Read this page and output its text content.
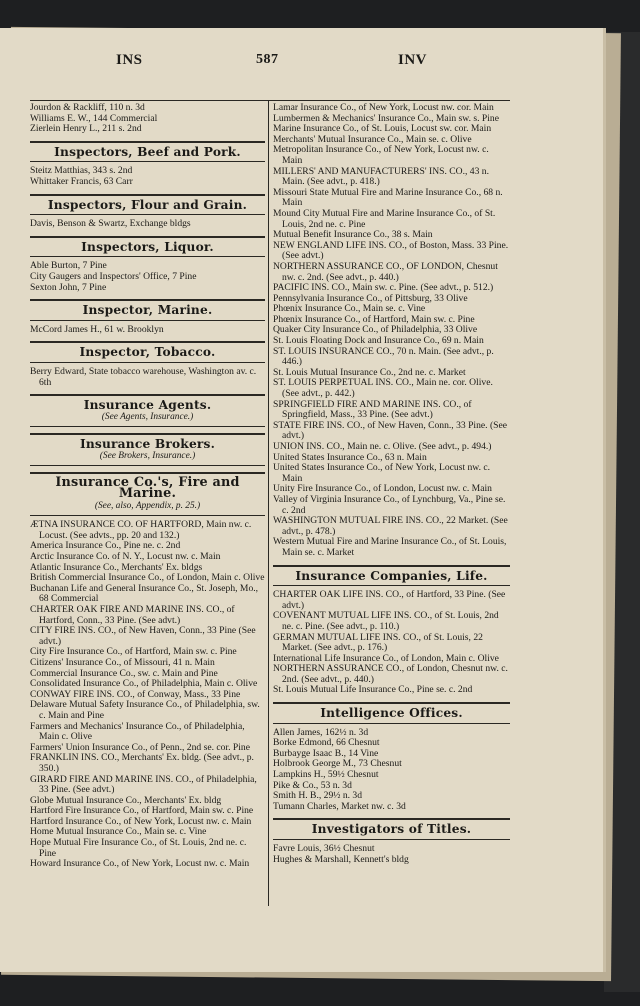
INS	587	INV

Jourdon & Rackliff, 110 n. 3d

Williams E. W., 144 Commercial

Zierlein Henry L., 211 s. 2nd

Inspectors, Beef and Pork.

Steitz Matthias, 343 s. 2nd

Whittaker Francis, 63 Carr

Inspectors, Flour and Grain.

Davis, Benson & Swartz, Exchange bldgs

Inspectors, Liquor.

Able Burton, 7 Pine

City Gaugers and Inspectors' Office, 7 Pine

Sexton John, 7 Pine

Inspector, Marine.

McCord James H., 61 w. Brooklyn

Inspector, Tobacco.

Berry Edward, State tobacco warehouse, Washington av. c. 6th

Insurance Agents.
(See Agents, Insurance.)
Insurance Brokers.
(See Brokers, Insurance.)
Insurance Co.'s, Fire and Marine.
(See, also, Appendix, p. 25.)

ÆTNA INSURANCE CO. OF HARTFORD, Main nw. c. Locust. (See advts., pp. 20 and 132.)

America Insurance Co., Pine ne. c. 2nd

Arctic Insurance Co. of N. Y., Locust nw. c. Main

Atlantic Insurance Co., Merchants' Ex. bldgs

British Commercial Insurance Co., of London, Main c. Olive

Buchanan Life and General Insurance Co., St. Joseph, Mo., 68 Commercial

CHARTER OAK FIRE AND MARINE INS. CO., of Hartford, Conn., 33 Pine. (See advt.)

CITY FIRE INS. CO., of New Haven, Conn., 33 Pine (See advt.)

City Fire Insurance Co., of Hartford, Main sw. c. Pine

Citizens' Insurance Co., of Missouri, 41 n. Main

Commercial Insurance Co., sw. c. Main and Pine

Consolidated Insurance Co., of Philadelphia, Main c. Olive

CONWAY FIRE INS. CO., of Conway, Mass., 33 Pine

Delaware Mutual Safety Insurance Co., of Philadelphia, sw. c. Main and Pine

Farmers and Mechanics' Insurance Co., of Philadelphia, Main c. Olive

Farmers' Union Insurance Co., of Penn., 2nd se. cor. Pine

FRANKLIN INS. CO., Merchants' Ex. bldg. (See advt., p. 350.)

GIRARD FIRE AND MARINE INS. CO., of Philadelphia, 33 Pine. (See advt.)

Globe Mutual Insurance Co., Merchants' Ex. bldg

Hartford Fire Insurance Co., of Hartford, Main sw. c. Pine

Hartford Insurance Co., of New York, Locust nw. c. Main

Home Mutual Insurance Co., Main se. c. Vine

Hope Mutual Fire Insurance Co., of St. Louis, 2nd ne. c. Pine

Howard Insurance Co., of New York, Locust nw. c. Main

Lamar Insurance Co., of New York, Locust nw. cor. Main

Lumbermen & Mechanics' Insurance Co., Main sw. s. Pine

Marine Insurance Co., of St. Louis, Locust sw. cor. Main

Merchants' Mutual Insurance Co., Main se. c. Olive

Metropolitan Insurance Co., of New York, Locust nw. c. Main

MILLERS' AND MANUFACTURERS' INS. CO., 43 n. Main. (See advt., p. 418.)

Missouri State Mutual Fire and Marine Insurance Co., 68 n. Main

Mound City Mutual Fire and Marine Insurance Co., of St. Louis, 2nd ne. c. Pine

Mutual Benefit Insurance Co., 38 s. Main

NEW ENGLAND LIFE INS. CO., of Boston, Mass. 33 Pine. (See advt.)

NORTHERN ASSURANCE CO., OF LONDON, Chesnut nw. c. 2nd. (See advt., p. 440.)

PACIFIC INS. CO., Main sw. c. Pine. (See advt., p. 512.)

Pennsylvania Insurance Co., of Pittsburg, 33 Olive

Phœnix Insurance Co., Main se. c. Vine

Phœnix Insurance Co., of Hartford, Main sw. c. Pine

Quaker City Insurance Co., of Philadelphia, 33 Olive

St. Louis Floating Dock and Insurance Co., 69 n. Main

ST. LOUIS INSURANCE CO., 70 n. Main. (See advt., p. 446.)

St. Louis Mutual Insurance Co., 2nd ne. c. Market

ST. LOUIS PERPETUAL INS. CO., Main ne. cor. Olive. (See advt., p. 442.)

SPRINGFIELD FIRE AND MARINE INS. CO., of Springfield, Mass., 33 Pine. (See advt.)

STATE FIRE INS. CO., of New Haven, Conn., 33 Pine. (See advt.)

UNION INS. CO., Main ne. c. Olive. (See advt., p. 494.)

United States Insurance Co., 63 n. Main

United States Insurance Co., of New York, Locust nw. c. Main

Unity Fire Insurance Co., of London, Locust nw. c. Main

Valley of Virginia Insurance Co., of Lynchburg, Va., Pine se. c. 2nd

WASHINGTON MUTUAL FIRE INS. CO., 22 Market. (See advt., p. 478.)

Western Mutual Fire and Marine Insurance Co., of St. Louis, Main se. c. Market

Insurance Companies, Life.

CHARTER OAK LIFE INS. CO., of Hartford, 33 Pine. (See advt.)

COVENANT MUTUAL LIFE INS. CO., of St. Louis, 2nd ne. c. Pine. (See advt., p. 110.)

GERMAN MUTUAL LIFE INS. CO., of St. Louis, 22 Market. (See advt., p. 176.)

International Life Insurance Co., of London, Main c. Olive

NORTHERN ASSURANCE CO., of London, Chesnut nw. c. 2nd. (See advt., p. 440.)

St. Louis Mutual Life Insurance Co., Pine se. c. 2nd

Intelligence Offices.

Allen James, 162½ n. 3d

Borke Edmond, 66 Chesnut

Burbayge Isaac B., 14 Vine

Holbrook George M., 73 Chesnut

Lampkins H., 59½ Chesnut

Pike & Co., 53 n. 3d

Smith H. B., 29½ n. 3d

Tumann Charles, Market nw. c. 3d

Investigators of Titles.

Favre Louis, 36½ Chesnut

Hughes & Marshall, Kennett's bldg
